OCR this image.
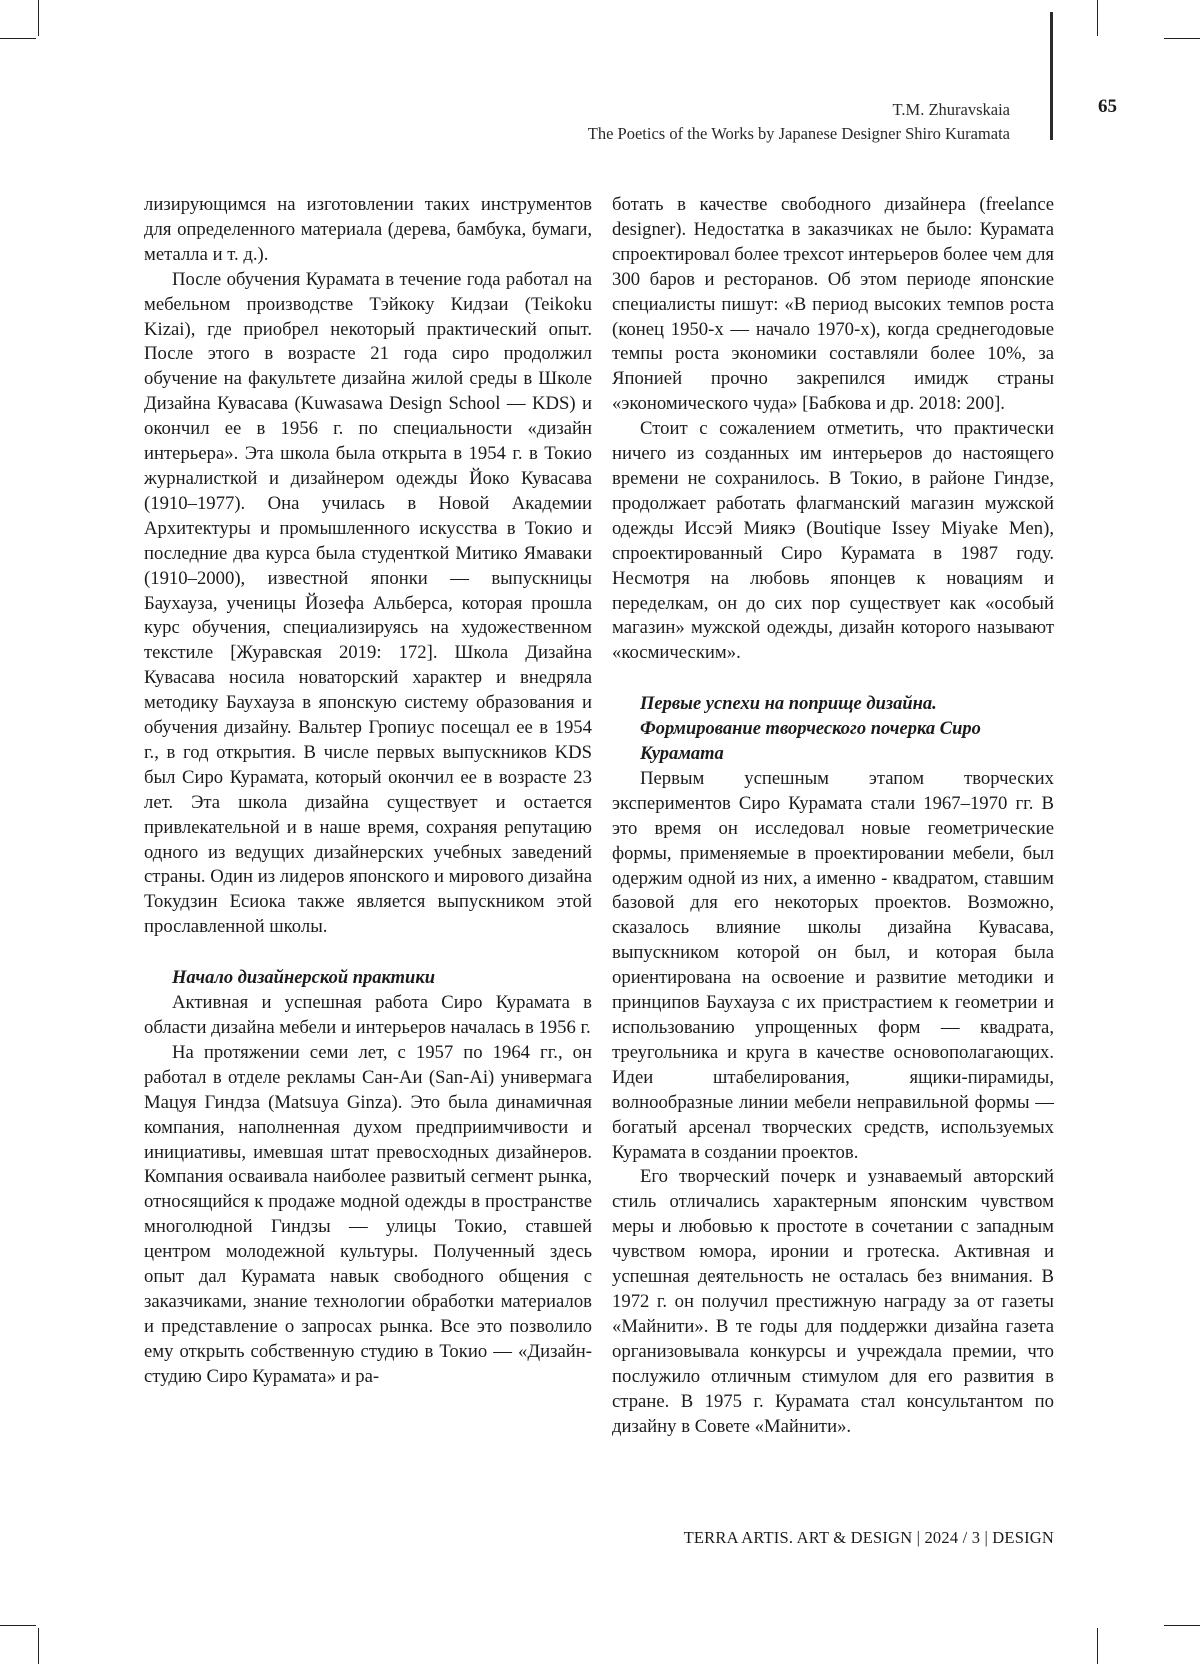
T.M. Zhuravskaia
The Poetics of the Works by Japanese Designer Shiro Kuramata
65

лизирующимся на изготовлении таких инструментов для определенного материала (дерева, бамбука, бумаги, металла и т. д.).

После обучения Курамата в течение года работал на мебельном производстве Тэйкоку Кидзаи (Teikoku Kizai), где приобрел некоторый практический опыт. После этого в возрасте 21 года сиро продолжил обучение на факультете дизайна жилой среды в Школе Дизайна Кувасава (Kuwasawa Design School — KDS) и окончил ее в 1956 г. по специальности «дизайн интерьера». Эта школа была открыта в 1954 г. в Токио журналисткой и дизайнером одежды Йоко Кувасава (1910–1977). Она училась в Новой Академии Архитектуры и промышленного искусства в Токио и последние два курса была студенткой Митико Ямаваки (1910–2000), известной японки — выпускницы Баухауза, ученицы Йозефа Альберса, которая прошла курс обучения, специализируясь на художественном текстиле [Журавская 2019: 172]. Школа Дизайна Кувасава носила новаторский характер и внедряла методику Баухауза в японскую систему образования и обучения дизайну. Вальтер Гропиус посещал ее в 1954 г., в год открытия. В числе первых выпускников KDS был Сиро Курамата, который окончил ее в возрасте 23 лет. Эта школа дизайна существует и остается привлекательной и в наше время, сохраняя репутацию одного из ведущих дизайнерских учебных заведений страны. Один из лидеров японского и мирового дизайна Токудзин Есиока также является выпускником этой прославленной школы.

Начало дизайнерской практики

Активная и успешная работа Сиро Курамата в области дизайна мебели и интерьеров началась в 1956 г.

На протяжении семи лет, с 1957 по 1964 гг., он работал в отделе рекламы Сан-Аи (San-Ai) универмага Мацуя Гиндза (Matsuya Ginza). Это была динамичная компания, наполненная духом предприимчивости и инициативы, имевшая штат превосходных дизайнеров. Компания осваивала наиболее развитый сегмент рынка, относящийся к продаже модной одежды в пространстве многолюдной Гиндзы — улицы Токио, ставшей центром молодежной культуры. Полученный здесь опыт дал Курамата навык свободного общения с заказчиками, знание технологии обработки материалов и представление о запросах рынка. Все это позволило ему открыть собственную студию в Токио — «Дизайн-студию Сиро Курамата» и ра-

ботать в качестве свободного дизайнера (freelance designer). Недостатка в заказчиках не было: Курамата спроектировал более трехсот интерьеров более чем для 300 баров и ресторанов. Об этом периоде японские специалисты пишут: «В период высоких темпов роста (конец 1950-х — начало 1970-х), когда среднегодовые темпы роста экономики составляли более 10%, за Японией прочно закрепился имидж страны «экономического чуда» [Бабкова и др. 2018: 200].

Стоит с сожалением отметить, что практически ничего из созданных им интерьеров до настоящего времени не сохранилось. В Токио, в районе Гиндзе, продолжает работать флагманский магазин мужской одежды Иссэй Миякэ (Boutique Issey Miyake Men), спроектированный Сиро Курамата в 1987 году. Несмотря на любовь японцев к новациям и переделкам, он до сих пор существует как «особый магазин» мужской одежды, дизайн которого называют «космическим».

Первые успехи на поприще дизайна. Формирование творческого почерка Сиро Курамата

Первым успешным этапом творческих экспериментов Сиро Курамата стали 1967–1970 гг. В это время он исследовал новые геометрические формы, применяемые в проектировании мебели, был одержим одной из них, а именно - квадратом, ставшим базовой для его некоторых проектов. Возможно, сказалось влияние школы дизайна Кувасава, выпускником которой он был, и которая была ориентирована на освоение и развитие методики и принципов Баухауза с их пристрастием к геометрии и использованию упрощенных форм — квадрата, треугольника и круга в качестве основополагающих. Идеи штабелирования, ящики-пирамиды, волнообразные линии мебели неправильной формы — богатый арсенал творческих средств, используемых Курамата в создании проектов.

Его творческий почерк и узнаваемый авторский стиль отличались характерным японским чувством меры и любовью к простоте в сочетании с западным чувством юмора, иронии и гротеска. Активная и успешная деятельность не осталась без внимания. В 1972 г. он получил престижную награду за от газеты «Майнити». В те годы для поддержки дизайна газета организовывала конкурсы и учреждала премии, что послужило отличным стимулом для его развития в стране. В 1975 г. Курамата стал консультантом по дизайну в Совете «Майнити».

TERRA ARTIS. ART & DESIGN | 2024 / 3 | DESIGN
